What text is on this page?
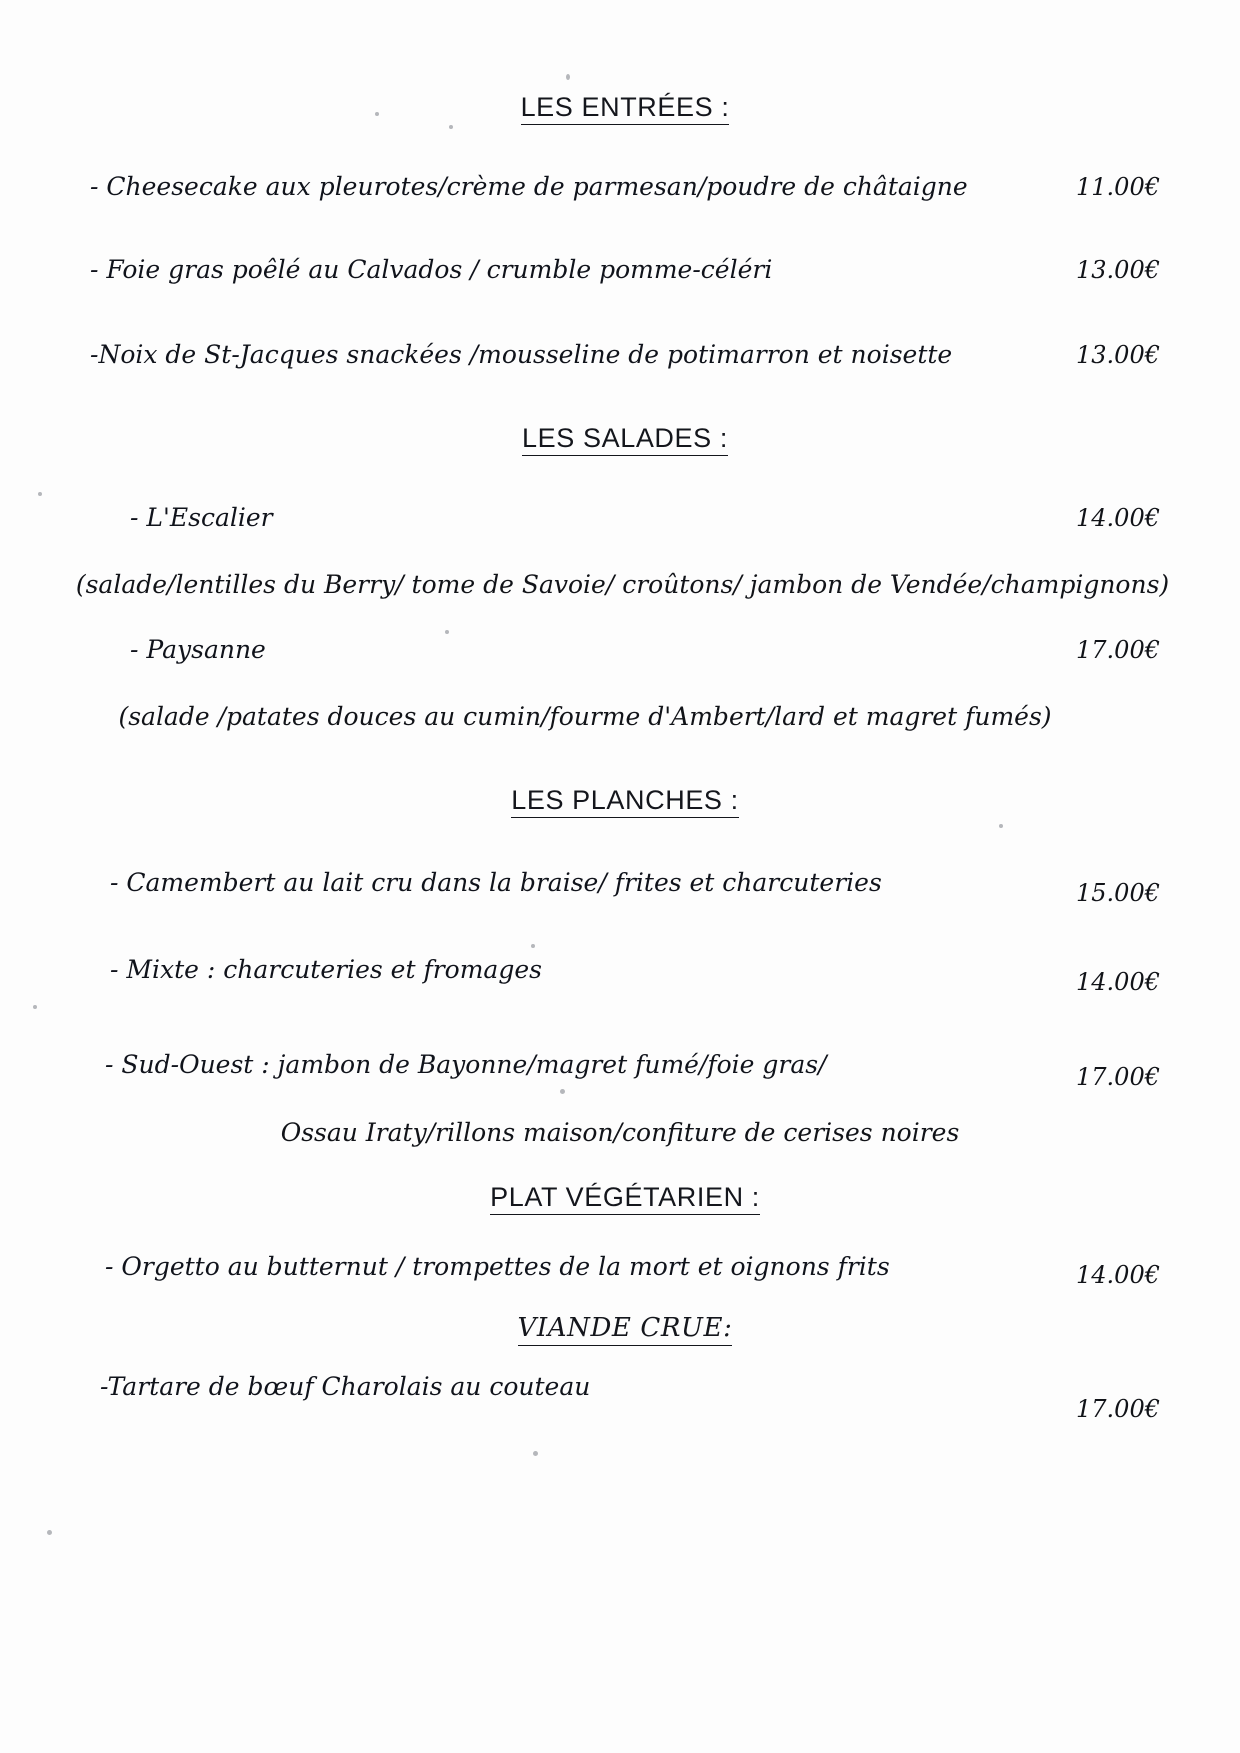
LES ENTRÉES :
- Cheesecake aux pleurotes/crème de parmesan/poudre de châtaigne	11.00€
- Foie gras poêlé au Calvados / crumble pomme-céléri	13.00€
-Noix de St-Jacques snackées /mousseline de potimarron et noisette	13.00€
LES SALADES :
- L'Escalier	14.00€
(salade/lentilles du Berry/ tome de Savoie/ croûtons/ jambon de Vendée/champignons)
- Paysanne	17.00€
(salade /patates douces au cumin/fourme d'Ambert/lard et magret fumés)
LES PLANCHES :
- Camembert au lait cru dans la braise/ frites et charcuteries	15.00€
- Mixte : charcuteries et fromages	14.00€
- Sud-Ouest : jambon de Bayonne/magret fumé/foie gras/	17.00€
Ossau Iraty/rillons maison/confiture de cerises noires
PLAT VÉGÉTARIEN :
- Orgetto au butternut / trompettes de la mort et oignons frits	14.00€
VIANDE CRUE:
-Tartare de bœuf Charolais au couteau
17.00€
